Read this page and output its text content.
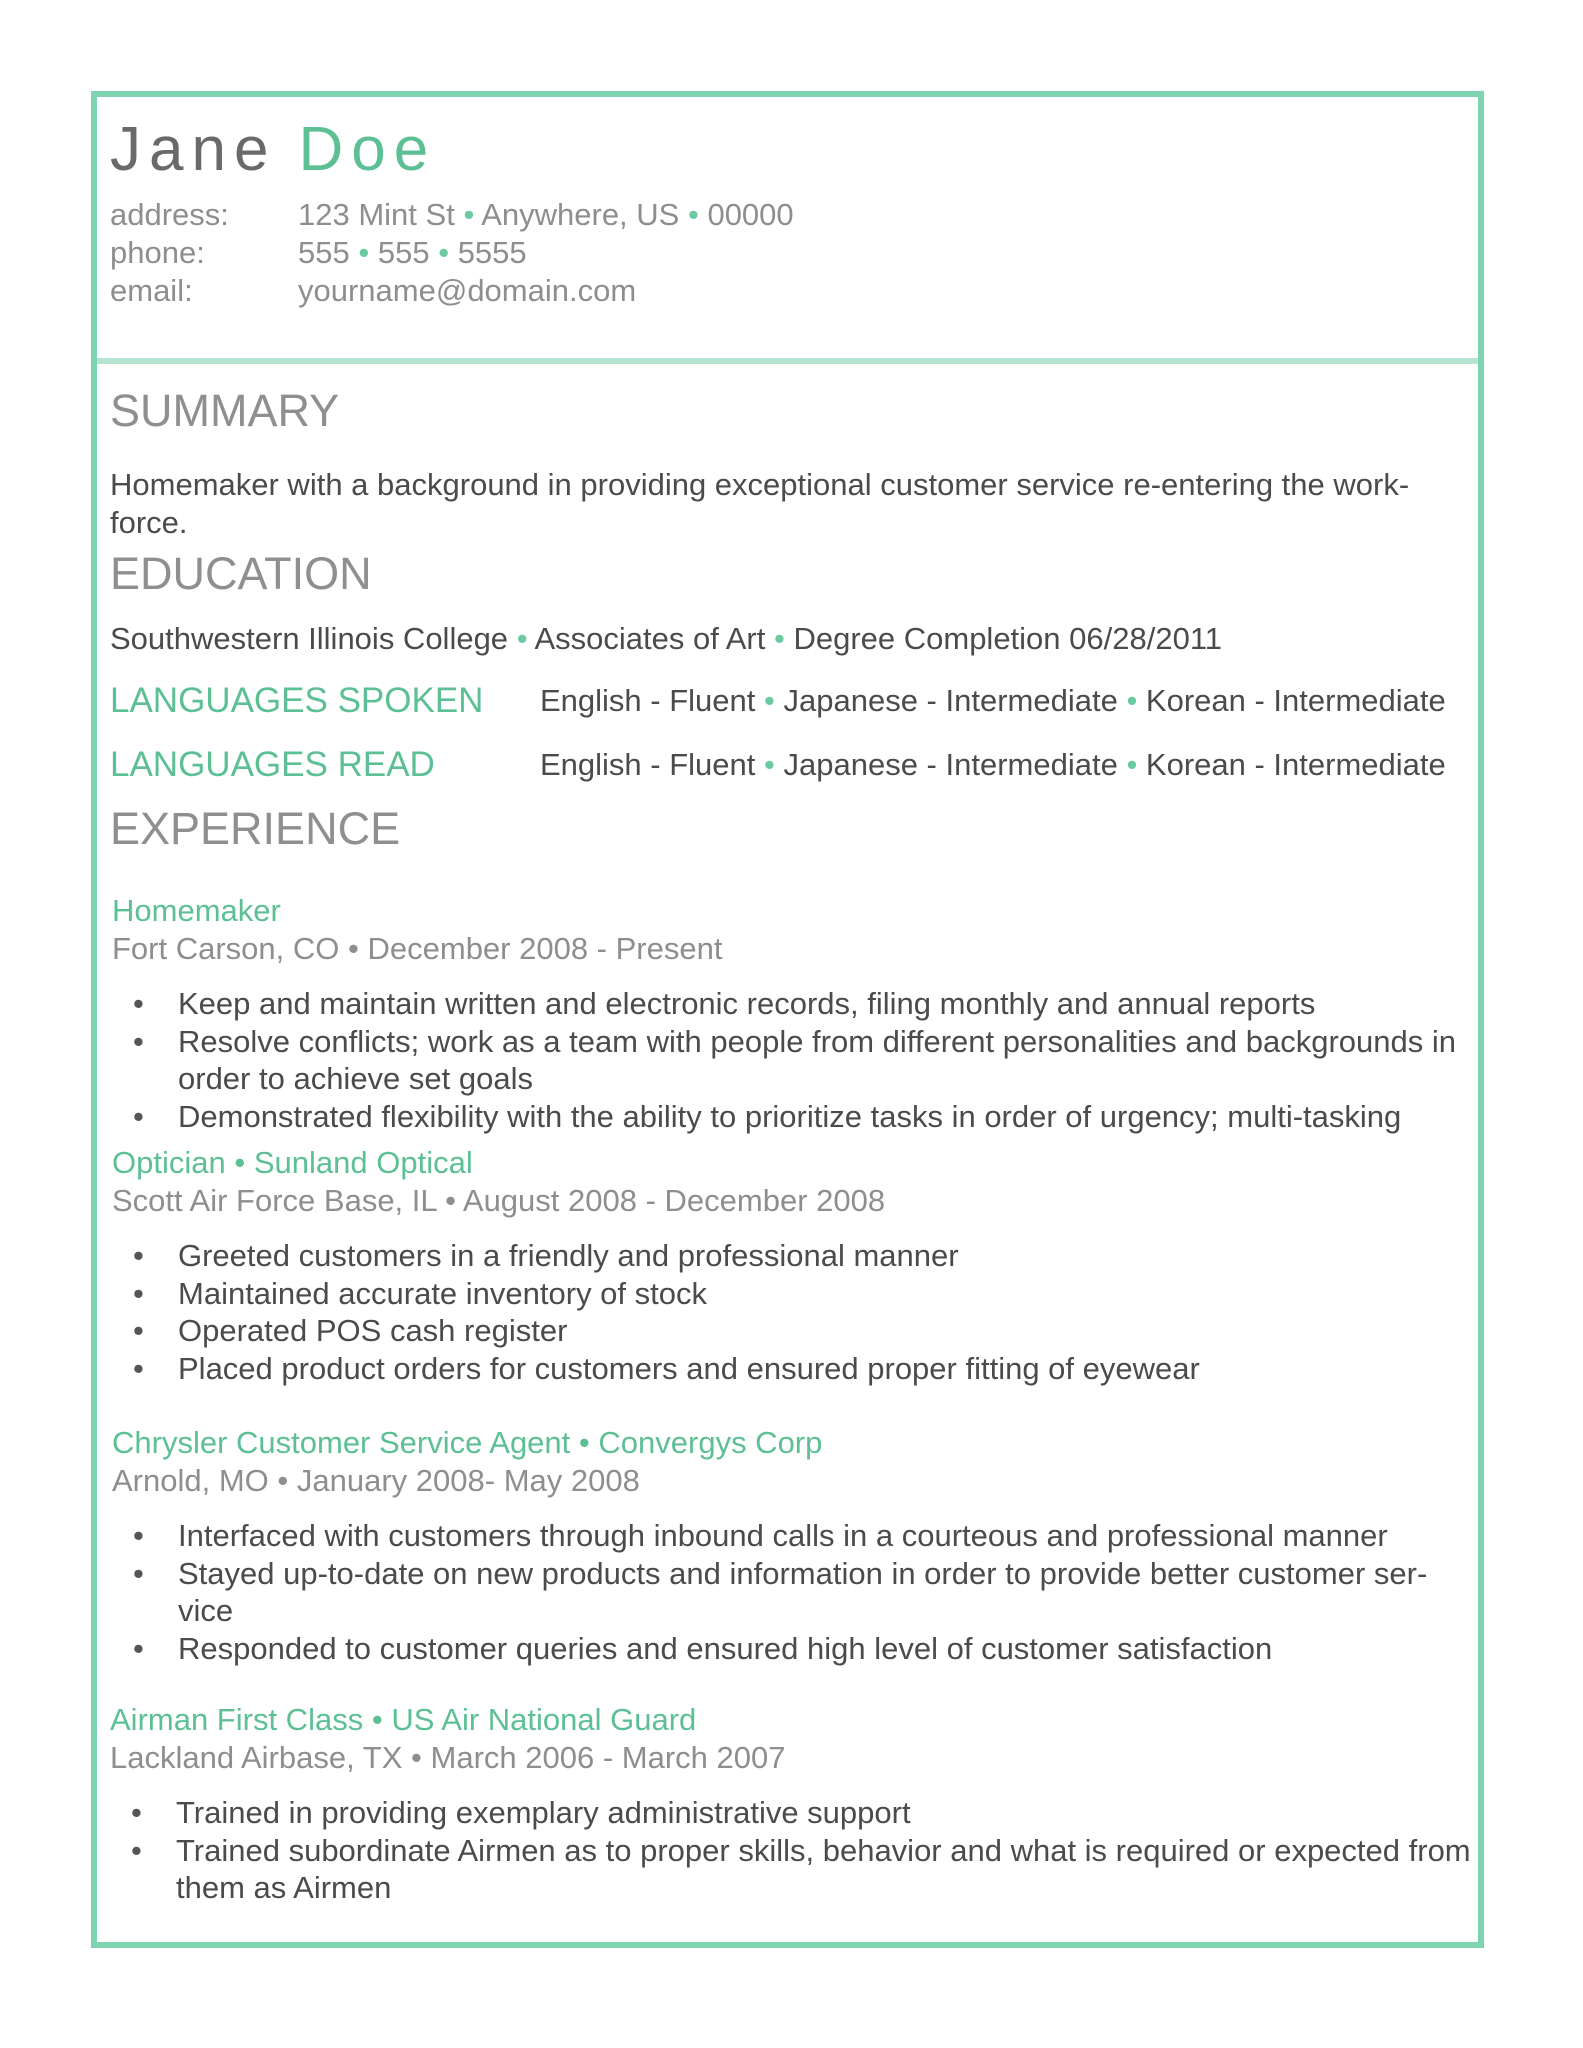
Jane Doe
address:	123 Mint St • Anywhere, US • 00000
phone:	555 • 555 • 5555
email:	yourname@domain.com
SUMMARY
Homemaker with a background in providing exceptional customer service re-entering the work-force.
EDUCATION
Southwestern Illinois College • Associates of Art • Degree Completion 06/28/2011
LANGUAGES SPOKEN English - Fluent • Japanese - Intermediate • Korean - Intermediate
LANGUAGES READ	English - Fluent • Japanese - Intermediate • Korean - Intermediate
EXPERIENCE
Homemaker
Fort Carson, CO • December 2008 - Present
• Keep and maintain written and electronic records, filing monthly and annual reports
• Resolve conflicts; work as a team with people from different personalities and backgrounds in order to achieve set goals
• Demonstrated flexibility with the ability to prioritize tasks in order of urgency; multi-tasking
Optician • Sunland Optical
Scott Air Force Base, IL • August 2008 - December 2008
• Greeted customers in a friendly and professional manner
• Maintained accurate inventory of stock
• Operated POS cash register
• Placed product orders for customers and ensured proper fitting of eyewear
Chrysler Customer Service Agent • Convergys Corp
Arnold, MO • January 2008- May 2008
• Interfaced with customers through inbound calls in a courteous and professional manner
• Stayed up-to-date on new products and information in order to provide better customer ser-vice
• Responded to customer queries and ensured high level of customer satisfaction
Airman First Class • US Air National Guard
Lackland Airbase, TX • March 2006 - March 2007
• Trained in providing exemplary administrative support
• Trained subordinate Airmen as to proper skills, behavior and what is required or expected from them as Airmen
